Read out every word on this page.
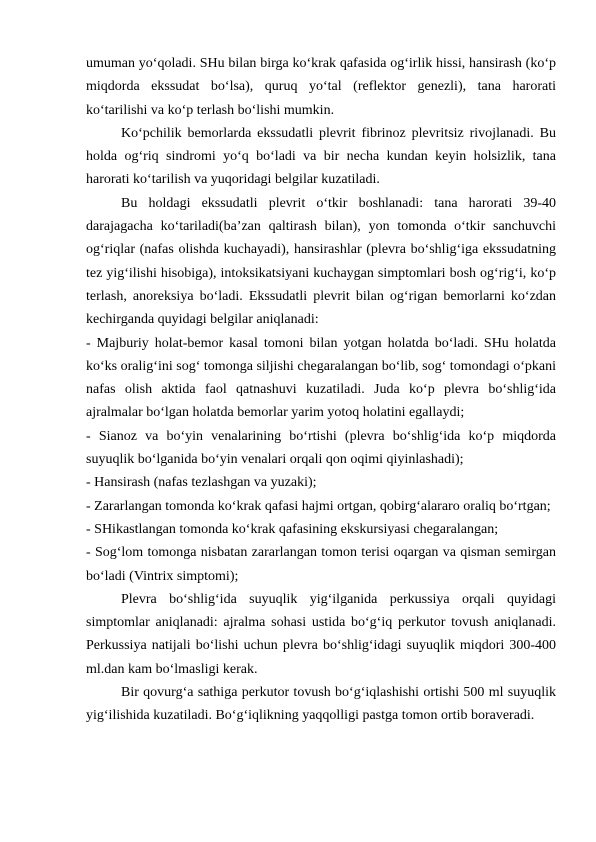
umuman yo‘qoladi. SHu bilan birga ko‘krak qafasida og‘irlik hissi, hansirash (ko‘p miqdorda ekssudat bo‘lsa), quruq yo‘tal (reflektor genezli), tana harorati ko‘tarilishi va ko‘p terlash bo‘lishi mumkin.

Ko‘pchilik bemorlarda ekssudatli plevrit fibrinoz plevritsiz rivojlanadi. Bu holda og‘riq sindromi yo‘q bo‘ladi va bir necha kundan keyin holsizlik, tana harorati ko‘tarilish va yuqoridagi belgilar kuzatiladi.

Bu holdagi ekssudatli plevrit o‘tkir boshlanadi: tana harorati 39-40 darajagacha ko‘tariladi(ba’zan qaltirash bilan), yon tomonda o‘tkir sanchuvchi og‘riqlar (nafas olishda kuchayadi), hansirashlar (plevra bo‘shlig‘iga ekssudatning tez yig‘ilishi hisobiga), intoksikatsiyani kuchaygan simptomlari bosh og‘rig‘i, ko‘p terlash, anoreksiya bo‘ladi. Ekssudatli plevrit bilan og‘rigan bemorlarni ko‘zdan kechirganda quyidagi belgilar aniqlanadi:

- Majburiy holat-bemor kasal tomoni bilan yotgan holatda bo‘ladi. SHu holatda ko‘ks oralig‘ini sog‘ tomonga siljishi chegaralangan bo‘lib, sog‘ tomondagi o‘pkani nafas olish aktida faol qatnashuvi kuzatiladi. Juda ko‘p plevra bo‘shlig‘ida ajralmalar bo‘lgan holatda bemorlar yarim yotoq holatini egallaydi;

- Sianoz va bo‘yin venalarining bo‘rtishi (plevra bo‘shlig‘ida ko‘p miqdorda suyuqlik bo‘lganida bo‘yin venalari orqali qon oqimi qiyinlashadi);

- Hansirash (nafas tezlashgan va yuzaki);

- Zararlangan tomonda ko‘krak qafasi hajmi ortgan, qobirg‘alararo oraliq bo‘rtgan;

- SHikastlangan tomonda ko‘krak qafasining ekskursiyasi chegaralangan;

- Sog‘lom tomonga nisbatan zararlangan tomon terisi oqargan va qisman semirgan bo‘ladi (Vintrix simptomi);

Plevra bo‘shlig‘ida suyuqlik yig‘ilganida perkussiya orqali quyidagi simptomlar aniqlanadi: ajralma sohasi ustida bo‘g‘iq perkutor tovush aniqlanadi. Perkussiya natijali bo‘lishi uchun plevra bo‘shlig‘idagi suyuqlik miqdori 300-400 ml.dan kam bo‘lmasligi kerak.

Bir qovurg‘a sathiga perkutor tovush bo‘g‘iqlashishi ortishi 500 ml suyuqlik yig‘ilishida kuzatiladi. Bo‘g‘iqlikning yaqqolligi pastga tomon ortib boraveradi.
